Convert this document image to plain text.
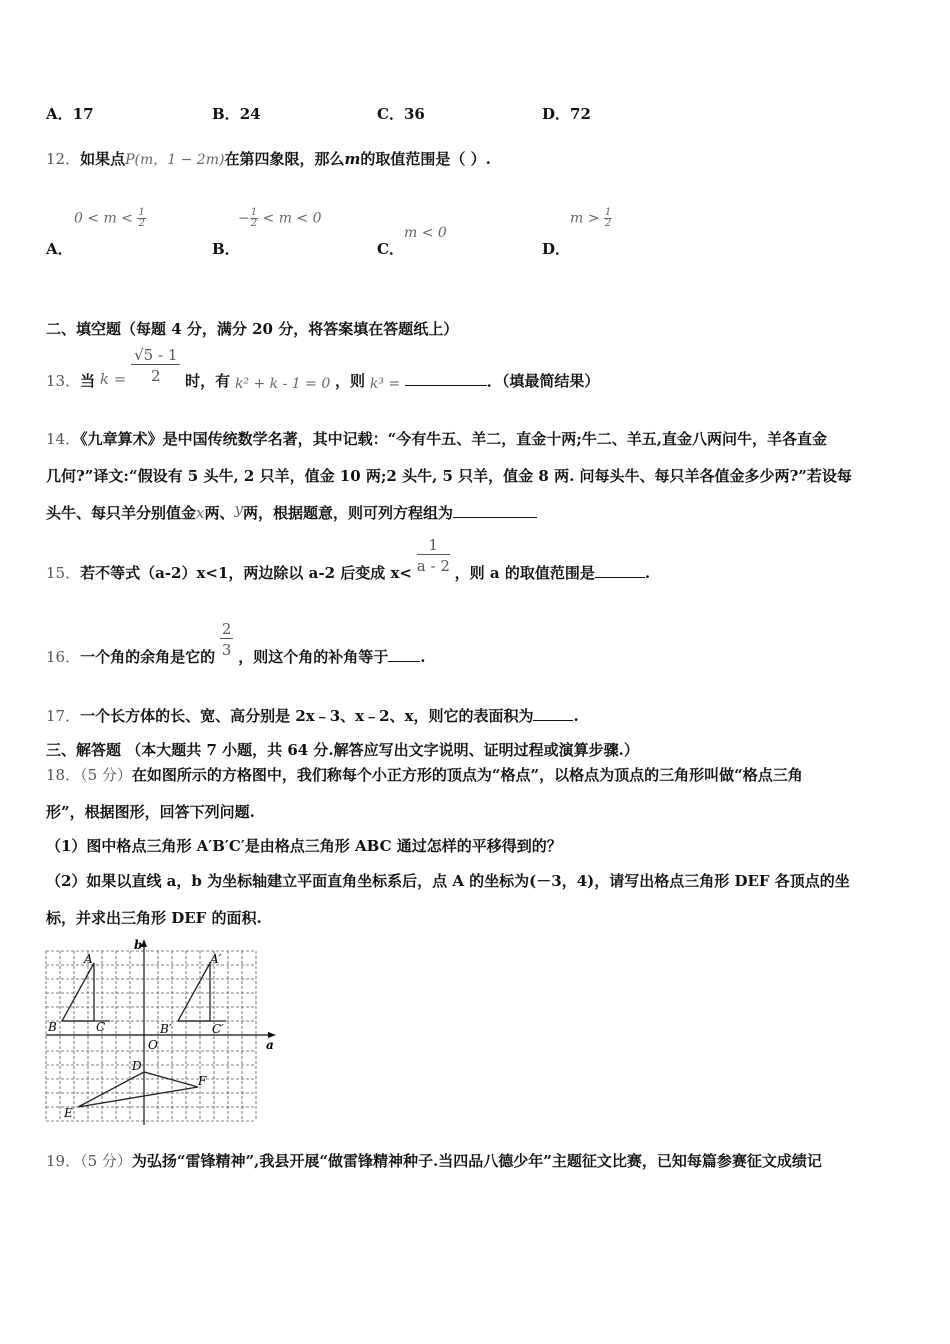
A．17	B．24	C．36	D．72
12．如果点P(m，1 − 2m)在第四象限，那么m的取值范围是（ ）.
A．
$0 < m < \frac{1}{2}$
B．
− $\frac{1}{2} < m < 0$
C．
m < 0
D．
$m > \frac{1}{2}$
二、填空题（每题 4 分，满分 20 分，将答案填在答题纸上）
13．当 $k = \frac{√5 - 1}{2}$ 时，有 k² + k - 1 = 0 ，则 k³ =	．（填最简结果）
14．《九章算术》是中国传统数学名著，其中记载：“今有牛五、羊二，直金十两;牛二、羊五,直金八两问牛，羊各直金
几何?”译文:“假设有 5 头牛, 2 只羊，值金 10 两;2 头牛, 5 只羊，值金 8 两. 问每头牛、每只羊各值金多少两?”若设每
头牛、每只羊分别值金x两、y两，根据题意，则可列方程组为
15．若不等式（a-2）x<1，两边除以 a-2 后变成 $x< \frac{1}{a - 2}$ ，则 a 的取值范围是	.
16．一个角的余角是它的 $\frac{2}{3}$ ，则这个角的补角等于 .
17．一个长方体的长、宽、高分别是 2x﹣3、x﹣2、x，则它的表面积为	.
三、解答题 （本大题共 7 小题，共 64 分.解答应写出文字说明、证明过程或演算步骤.）
18．（5 分）在如图所示的方格图中，我们称每个小正方形的顶点为“格点”，以格点为顶点的三角形叫做“格点三角
形”，根据图形，回答下列问题.
（1）图中格点三角形 A′B′C′是由格点三角形 ABC 通过怎样的平移得到的？
（2）如果以直线 a，b 为坐标轴建立平面直角坐标系后，点 A 的坐标为(－3，4)，请写出格点三角形 DEF 各顶点的坐
标，并求出三角形 DEF 的面积.
a
b
O
A
B	C
A′
B′	C′
D
E
F
19．（5 分）为弘扬“雷锋精神”,我县开展“做雷锋精神种子.当四品八德少年”主题征文比赛，已知每篇参赛征文成绩记
